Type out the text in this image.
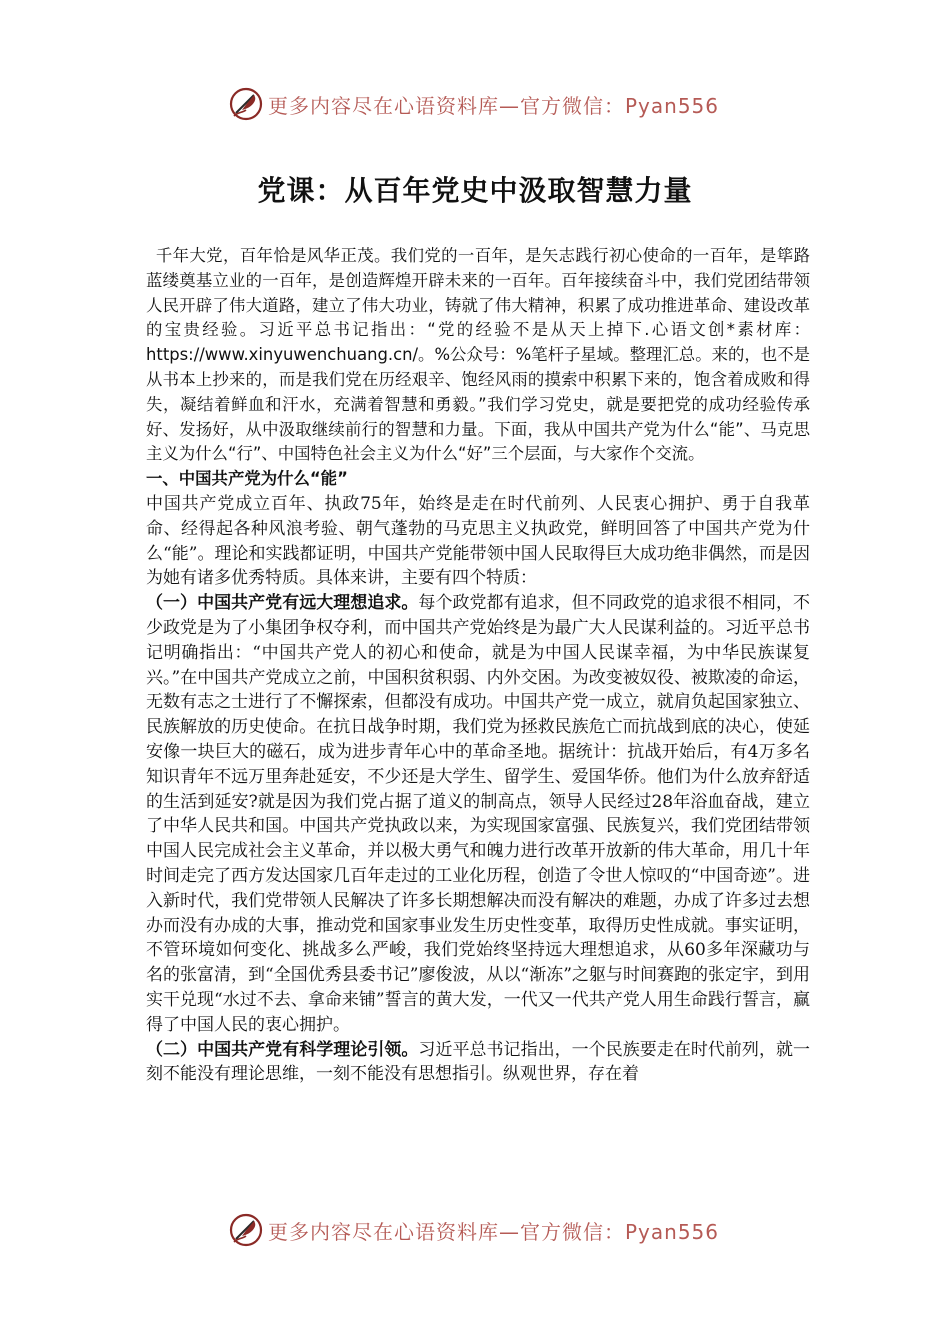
更多内容尽在心语资料库—官方微信：Pyan556
党课：从百年党史中汲取智慧力量

千年大党，百年恰是风华正茂。我们党的一百年，是矢志践行初心使命的一百年，是筚路蓝缕奠基立业的一百年，是创造辉煌开辟未来的一百年。百年接续奋斗中，我们党团结带领人民开辟了伟大道路，建立了伟大功业，铸就了伟大精神，积累了成功推进革命、建设改革的宝贵经验。习近平总书记指出：“党的经验不是从天上掉下.心语文创*素材库：https://www.xinyuwenchuang.cn/。%公众号：%笔杆子星域。整理汇总。来的，也不是从书本上抄来的，而是我们党在历经艰辛、饱经风雨的摸索中积累下来的，饱含着成败和得失，凝结着鲜血和汗水，充满着智慧和勇毅。”我们学习党史，就是要把党的成功经验传承好、发扬好，从中汲取继续前行的智慧和力量。下面，我从中国共产党为什么“能”、马克思主义为什么“行”、中国特色社会主义为什么“好”三个层面，与大家作个交流。

一、中国共产党为什么“能”

中国共产党成立百年、执政75年，始终是走在时代前列、人民衷心拥护、勇于自我革命、经得起各种风浪考验、朝气蓬勃的马克思主义执政党，鲜明回答了中国共产党为什么“能”。理论和实践都证明，中国共产党能带领中国人民取得巨大成功绝非偶然，而是因为她有诸多优秀特质。具体来讲，主要有四个特质：

（一）中国共产党有远大理想追求。每个政党都有追求，但不同政党的追求很不相同，不少政党是为了小集团争权夺利，而中国共产党始终是为最广大人民谋利益的。习近平总书记明确指出：“中国共产党人的初心和使命，就是为中国人民谋幸福，为中华民族谋复兴。”在中国共产党成立之前，中国积贫积弱、内外交困。为改变被奴役、被欺凌的命运，无数有志之士进行了不懈探索，但都没有成功。中国共产党一成立，就肩负起国家独立、民族解放的历史使命。在抗日战争时期，我们党为拯救民族危亡而抗战到底的决心，使延安像一块巨大的磁石，成为进步青年心中的革命圣地。据统计：抗战开始后，有4万多名知识青年不远万里奔赴延安，不少还是大学生、留学生、爱国华侨。他们为什么放弃舒适的生活到延安?就是因为我们党占据了道义的制高点，领导人民经过28年浴血奋战，建立了中华人民共和国。中国共产党执政以来，为实现国家富强、民族复兴，我们党团结带领中国人民完成社会主义革命，并以极大勇气和魄力进行改革开放新的伟大革命，用几十年时间走完了西方发达国家几百年走过的工业化历程，创造了令世人惊叹的“中国奇迹”。进入新时代，我们党带领人民解决了许多长期想解决而没有解决的难题，办成了许多过去想办而没有办成的大事，推动党和国家事业发生历史性变革，取得历史性成就。事实证明，不管环境如何变化、挑战多么严峻，我们党始终坚持远大理想追求，从60多年深藏功与名的张富清，到“全国优秀县委书记”廖俊波，从以“渐冻”之躯与时间赛跑的张定宇，到用实干兑现“水过不去、拿命来铺”誓言的黄大发，一代又一代共产党人用生命践行誓言，赢得了中国人民的衷心拥护。

（二）中国共产党有科学理论引领。习近平总书记指出，一个民族要走在时代前列，就一刻不能没有理论思维，一刻不能没有思想指引。纵观世界，存在着

更多内容尽在心语资料库—官方微信：Pyan556
